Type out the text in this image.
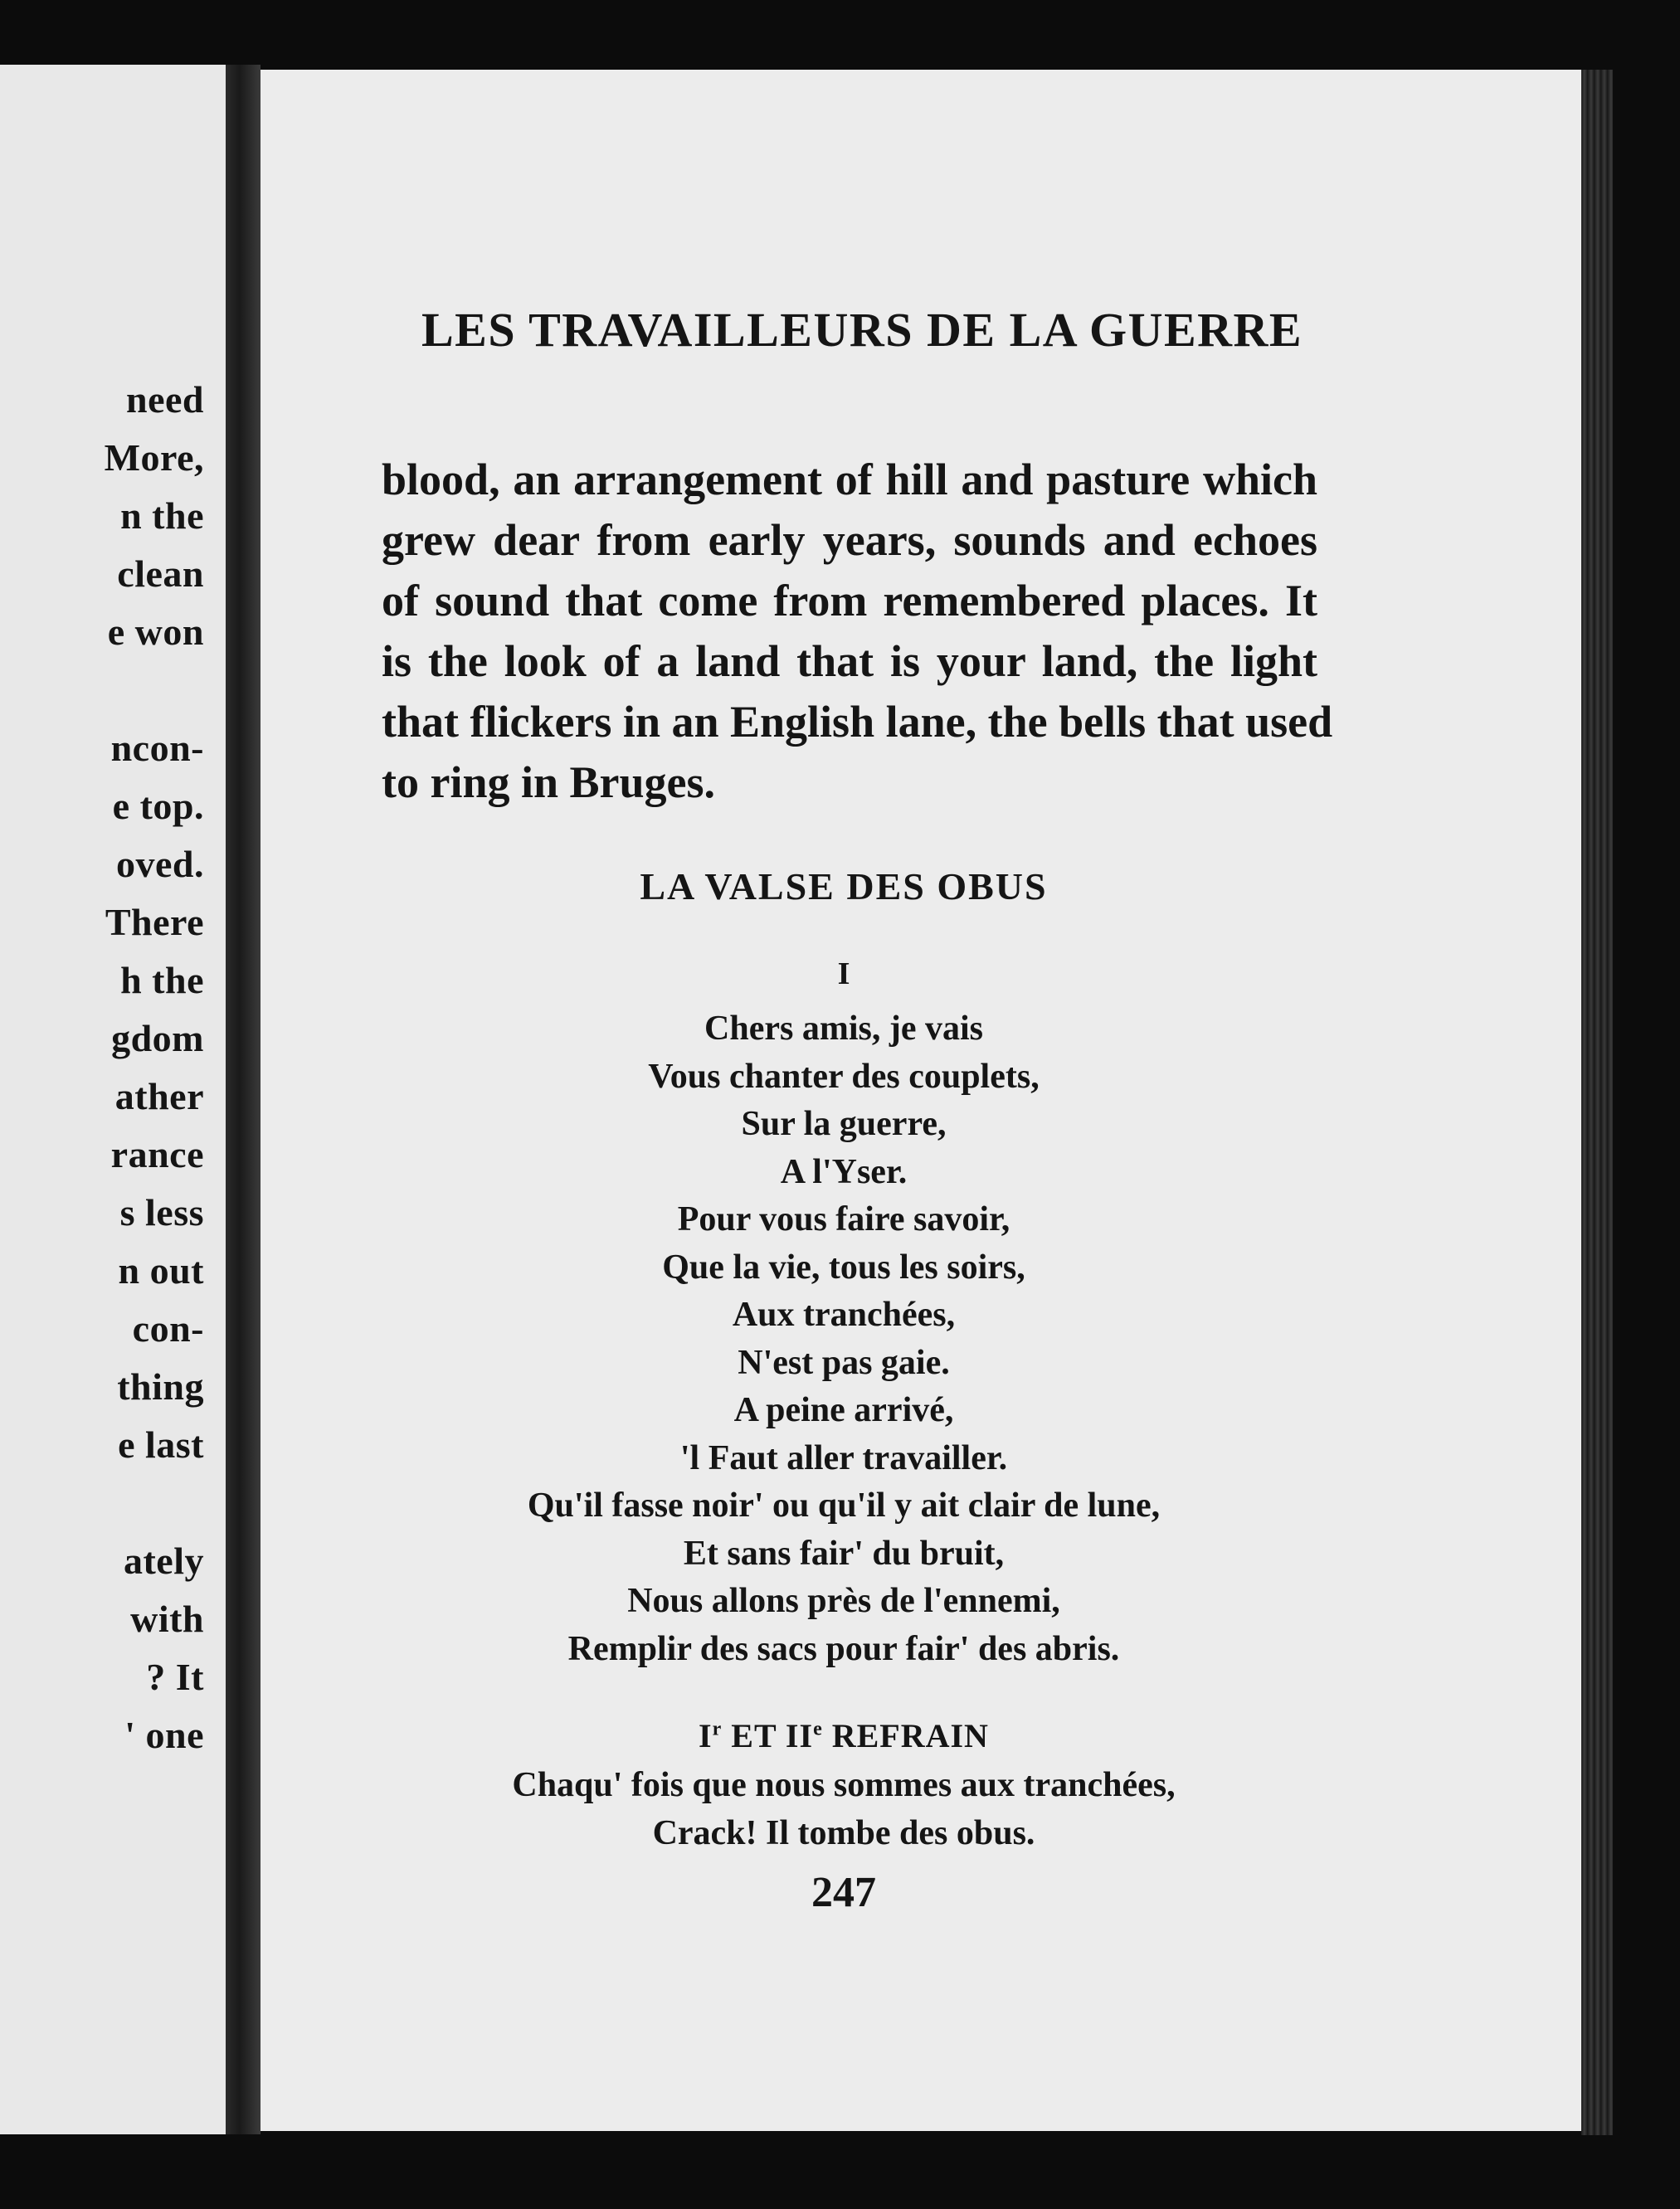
need
More,
n the
clean
e won
ncon-
e top.
oved.
There
h the
gdom
ather
rance
s less
n out
con-
thing
e last
ately
with
? It
' one
LES TRAVAILLEURS DE LA GUERRE
blood, an arrangement of hill and pasture which
grew dear from early years, sounds and echoes
of sound that come from remembered places. It
is the look of a land that is your land, the light
that flickers in an English lane, the bells that used
to ring in Bruges.
LA VALSE DES OBUS
I
Chers amis, je vais
Vous chanter des couplets,
Sur la guerre,
A l'Yser.
Pour vous faire savoir,
Que la vie, tous les soirs,
Aux tranchées,
N'est pas gaie.
A peine arrivé,
'l Faut aller travailler.
Qu'il fasse noir' ou qu'il y ait clair de lune,
Et sans fair' du bruit,
Nous allons près de l'ennemi,
Remplir des sacs pour fair' des abris.
$I^r$ ET IIe REFRAIN
Chaqu' fois que nous sommes aux tranchées,
Crack! Il tombe des obus.
247
